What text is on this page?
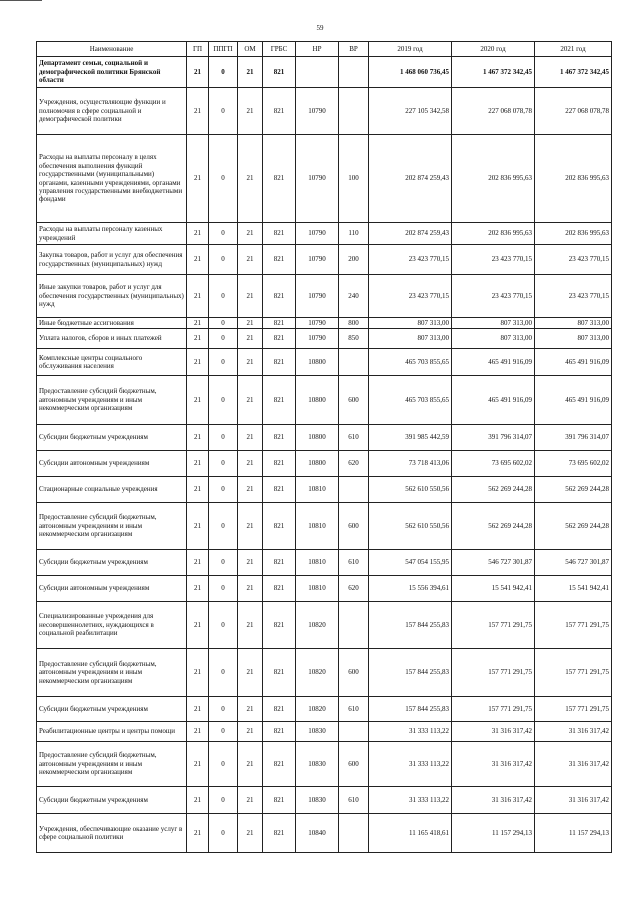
59
Наименование	ГП	ППГП	ОМ	ГРБС	НР	ВР	2019 год	2020 год	2021 год
Департамент семьи, социальной и демографической политики Брянской области	21	0	21	821			1 468 060 736,45	1 467 372 342,45	1 467 372 342,45
Учреждения, осуществляющие функции и полномочия в сфере социальной и демографической политики	21	0	21	821	10790		227 105 342,58	227 068 078,78	227 068 078,78
Расходы на выплаты персоналу в целях обеспечения выполнения функций государственными (муниципальными) органами, казенными учреждениями, органами управления государственными внебюджетными фондами	21	0	21	821	10790	100	202 874 259,43	202 836 995,63	202 836 995,63
Расходы на выплаты персоналу казенных учреждений	21	0	21	821	10790	110	202 874 259,43	202 836 995,63	202 836 995,63
Закупка товаров, работ и услуг для обеспечения государственных (муниципальных) нужд	21	0	21	821	10790	200	23 423 770,15	23 423 770,15	23 423 770,15
Иные закупки товаров, работ и услуг для обеспечения государственных (муниципальных) нужд	21	0	21	821	10790	240	23 423 770,15	23 423 770,15	23 423 770,15
Иные бюджетные ассигнования	21	0	21	821	10790	800	807 313,00	807 313,00	807 313,00
Уплата налогов, сборов и иных платежей	21	0	21	821	10790	850	807 313,00	807 313,00	807 313,00
Комплексные центры социального обслуживания населения	21	0	21	821	10800		465 703 855,65	465 491 916,09	465 491 916,09
Предоставление субсидий бюджетным, автономным учреждениям и иным некоммерческим организациям	21	0	21	821	10800	600	465 703 855,65	465 491 916,09	465 491 916,09
Субсидии бюджетным учреждениям	21	0	21	821	10800	610	391 985 442,59	391 796 314,07	391 796 314,07
Субсидии автономным учреждениям	21	0	21	821	10800	620	73 718 413,06	73 695 602,02	73 695 602,02
Стационарные социальные учреждения	21	0	21	821	10810		562 610 550,56	562 269 244,28	562 269 244,28
Предоставление субсидий бюджетным, автономным учреждениям и иным некоммерческим организациям	21	0	21	821	10810	600	562 610 550,56	562 269 244,28	562 269 244,28
Субсидии бюджетным учреждениям	21	0	21	821	10810	610	547 054 155,95	546 727 301,87	546 727 301,87
Субсидии автономным учреждениям	21	0	21	821	10810	620	15 556 394,61	15 541 942,41	15 541 942,41
Специализированные учреждения для несовершеннолетних, нуждающихся в социальной реабилитации	21	0	21	821	10820		157 844 255,83	157 771 291,75	157 771 291,75
Предоставление субсидий бюджетным, автономным учреждениям и иным некоммерческим организациям	21	0	21	821	10820	600	157 844 255,83	157 771 291,75	157 771 291,75
Субсидии бюджетным учреждениям	21	0	21	821	10820	610	157 844 255,83	157 771 291,75	157 771 291,75
Реабилитационные центры и центры помощи	21	0	21	821	10830		31 333 113,22	31 316 317,42	31 316 317,42
Предоставление субсидий бюджетным, автономным учреждениям и иным некоммерческим организациям	21	0	21	821	10830	600	31 333 113,22	31 316 317,42	31 316 317,42
Субсидии бюджетным учреждениям	21	0	21	821	10830	610	31 333 113,22	31 316 317,42	31 316 317,42
Учреждения, обеспечивающие оказание услуг в сфере социальной политики	21	0	21	821	10840		11 165 418,61	11 157 294,13	11 157 294,13
